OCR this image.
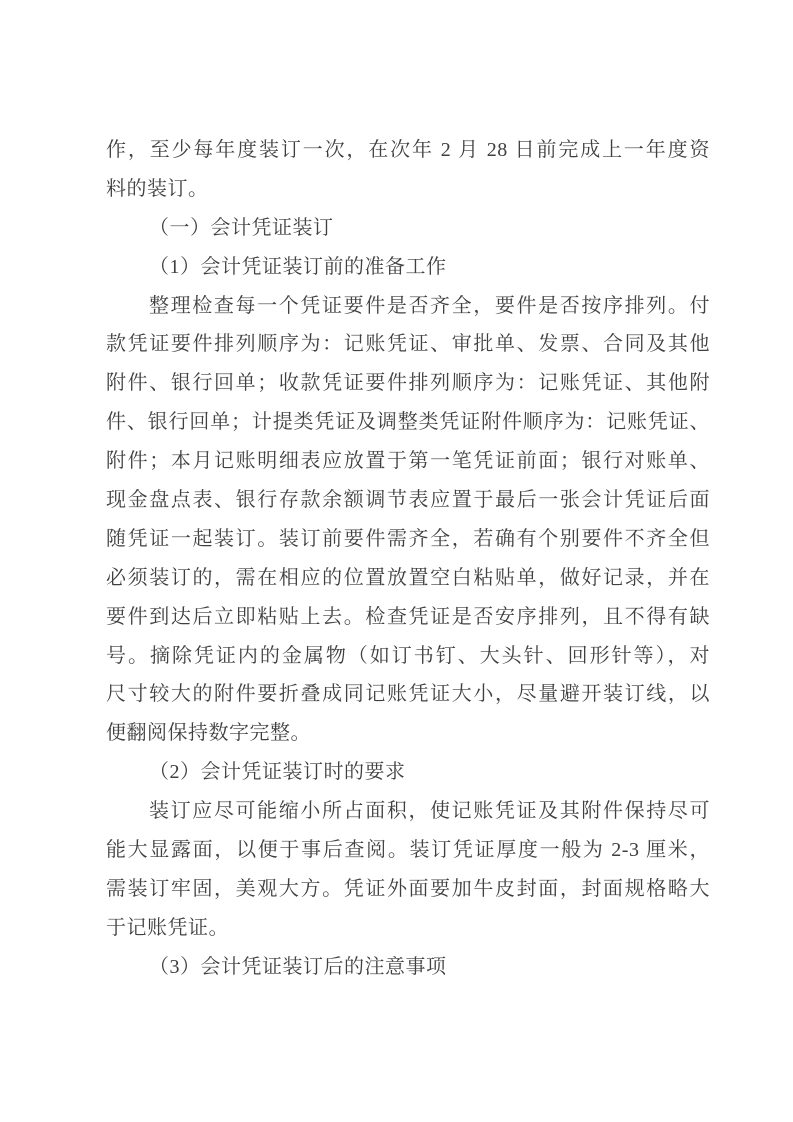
作，至少每年度装订一次，在次年 2 月 28 日前完成上一年度资
料的装订。
（一）会计凭证装订
（1）会计凭证装订前的准备工作
整理检查每一个凭证要件是否齐全，要件是否按序排列。付
款凭证要件排列顺序为：记账凭证、审批单、发票、合同及其他
附件、银行回单；收款凭证要件排列顺序为：记账凭证、其他附
件、银行回单；计提类凭证及调整类凭证附件顺序为：记账凭证、
附件；本月记账明细表应放置于第一笔凭证前面；银行对账单、
现金盘点表、银行存款余额调节表应置于最后一张会计凭证后面
随凭证一起装订。装订前要件需齐全，若确有个别要件不齐全但
必须装订的，需在相应的位置放置空白粘贴单，做好记录，并在
要件到达后立即粘贴上去。检查凭证是否安序排列，且不得有缺
号。摘除凭证内的金属物（如订书钉、大头针、回形针等），对
尺寸较大的附件要折叠成同记账凭证大小，尽量避开装订线，以
便翻阅保持数字完整。
（2）会计凭证装订时的要求
装订应尽可能缩小所占面积，使记账凭证及其附件保持尽可
能大显露面，以便于事后查阅。装订凭证厚度一般为 2-3 厘米，
需装订牢固，美观大方。凭证外面要加牛皮封面，封面规格略大
于记账凭证。
（3）会计凭证装订后的注意事项
